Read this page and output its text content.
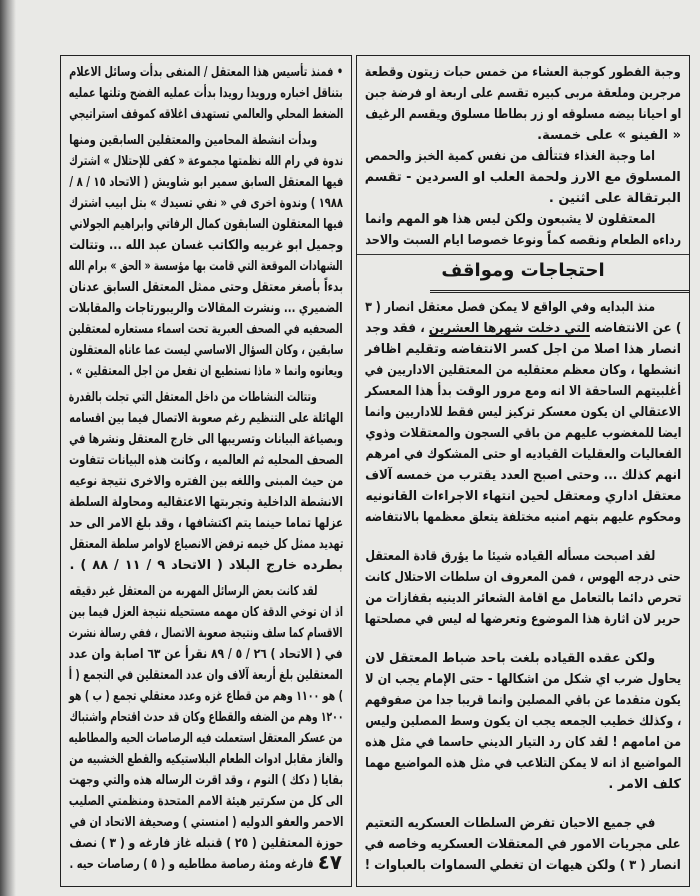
وجبة الفطور كوجبة العشاء من خمس حبات زيتون وقطعة
مرجرين وملعقة مربى كبيره تقسم على اربعة او فرضة جبن
او احيانا بيضه مسلوقه او زر بطاطا مسلوق ويقسم الرغيف
« الفينو » على خمسة.
اما وجبة الغذاء فتتألف من نفس كمية الخبز والحمص
المسلوق مع الارز ولحمة العلب او السردين - تقسم
البرتقالة على اثنين .
المعتقلون لا يشبعون ولكن ليس هذا هو المهم وانما
رداءه الطعام ونقصه كماً ونوعا خصوصا ايام السبت والاحد
احتجاجات ومواقف
منذ البدايه وفي الواقع لا يمكن فصل معتقل انصار ( ٣
) عن الانتفاضه التي دخلت شهرها العشرين ، فقد وجد
انصار هذا اصلا من اجل كسر الانتفاضه وتقليم اظافر
انشطها ، وكان معظم معتقليه من المعتقلين الاداريين في
أغلبيتهم الساحقة الا انه ومع مرور الوقت بدأ هذا المعسكر
الاعتقالي ان يكون معسكر تركيز ليس فقط للاداريين وانما
ايضا للمغضوب عليهم من باقي السجون والمعتقلات وذوي
الفعاليات والعقليات القياديه او حتى المشكوك في امرهم
انهم كذلك ... وحتى اصبح العدد يقترب من خمسه آلاف
معتقل اداري ومعتقل لحين انتهاء الاجراءات القانونيه
ومحكوم عليهم بتهم امنيه مختلفة يتعلق معظمها بالانتفاضه
لقد اصبحت مسأله القياده شيئا ما يؤرق قادة المعتقل
حتى درجه الهوس ، فمن المعروف ان سلطات الاحتلال كانت
تحرص دائما بالتعامل مع اقامة الشعائر الدينيه بقفازات من
حرير لان اثارة هذا الموضوع وتعرضها له ليس في مصلحتها
ولكن عقده القياده بلغت باحد ضباط المعتقل لان
يحاول ضرب اي شكل من اشكالها - حتى الإمام يجب ان لا
يكون متقدما عن باقي المصلين وانما قريبا جدا من صفوفهم
، وكذلك خطيب الجمعه يجب ان يكون وسط المصلين وليس
من امامهم ! لقد كان رد التيار الديني حاسما في مثل هذه
المواضيع اذ انه لا يمكن التلاعب في مثل هذه المواضيع مهما
كلف الامر .
في جميع الاحيان تفرض السلطات العسكريه التعتيم
على مجريات الامور في المعتقلات العسكريه وخاصه في
انصار ( ٣ ) ولكن هيهات ان تغطي السماوات بالعباوات !
• فمنذ تأسيس هذا المعتقل / المنفى بدأت وسائل الاعلام
بتناقل اخباره ورويدا رويدا بدأت عمليه الفضح وتلتها عمليه
الضغط المحلي والعالمي تستهدف اغلاقه كموقف استراتيجي
وبدأت انشطة المحامين والمعتقلين السابقين ومنها
ندوة في رام الله نظمتها مجموعة « كفى للإحتلال » اشترك
فيها المعتقل السابق سمير ابو شاويش ( الاتحاد ١٥ / ٨ /
١٩٨٨ ) وندوة اخرى في « نفي تسيدك » بتل ابيب اشترك
فيها المعتقلون السابقون كمال الرفاتي وابراهيم الجولاني
وجميل ابو غربيه والكاتب غسان عبد الله ... وتتالت
الشهادات الموقعة التي قامت بها مؤسسة « الحق » برام الله
بدءاً بأصغر معتقل وحتى ممثل المعتقل السابق عدنان
الضميري ... ونشرت المقالات والريبورتاجات والمقابلات
الصحفيه في الصحف العبرية تحت اسماء مستعاره لمعتقلين
سابقين ، وكان السؤال الاساسي ليست عما عاناه المعتقلون
ويعانوه وانما « ماذا نستطيع ان نفعل من اجل المعتقلين » .
وتتالت النشاطات من داخل المعتقل التي تجلت بالقدرة
الهائلة على التنظيم رغم صعوبة الاتصال فيما بين اقسامه
وبصياغة البيانات وتسريبها الى خارج المعتقل ونشرها في
الصحف المحليه ثم العالميه ، وكانت هذه البيانات تتفاوت
من حيث المبنى واللغه بين الفتره والاخرى نتيجة نوعيه
الانشطة الداخلية وتجربتها الاعتقاليه ومحاولة السلطة
عزلها تماما حينما يتم اكتشافها ، وقد بلغ الامر الى حد
تهديد ممثل كل خيمه ترفض الانصياع لاوامر سلطة المعتقل
بطرده خارج البلاد ( الاتحاد ٩ / ١١ / ٨٨ ) .
لقد كانت بعض الرسائل المهربه من المعتقل غير دقيقه
اذ ان توخي الدقة كان مهمه مستحيله نتيجة العزل فيما بين
الاقسام كما سلف ونتيجة صعوبة الاتصال ، ففي رسالة نشرت
في ( الاتحاد ) ٢٦ / ٥ / ٨٩ نقرأ عن ٦٣ اصابة وان عدد
المعتقلين بلغ أربعة آلاف وان عدد المعتقلين في التجمع ( أ
) هو ١١٠٠ وهم من قطاع غزه وعدد معتقلي تجمع ( ب ) هو
١٢٠٠ وهم من الضفه والقطاع وكان قد حدث اقتحام واشتباك
من عسكر المعتقل استعملت فيه الرصاصات الحيه والمطاطيه
والغاز مقابل ادوات الطعام البلاستيكيه والقطع الخشبيه من
بقايا ( دكك ) النوم ، وقد اقرت الرساله هذه والتي وجهت
الى كل من سكرتير هيئة الامم المتحدة ومنظمتي الصليب
الاحمر والعفو الدوليه ( امنستي ) وصحيفة الاتحاد ان في
حوزة المعتقلين ( ٢٥ ) قنبله غاز فارغه و ( ٣ ) نصف
فارغه ومئة رصاصة مطاطيه و ( ٥ ) رصاصات حيه . ٤٧
